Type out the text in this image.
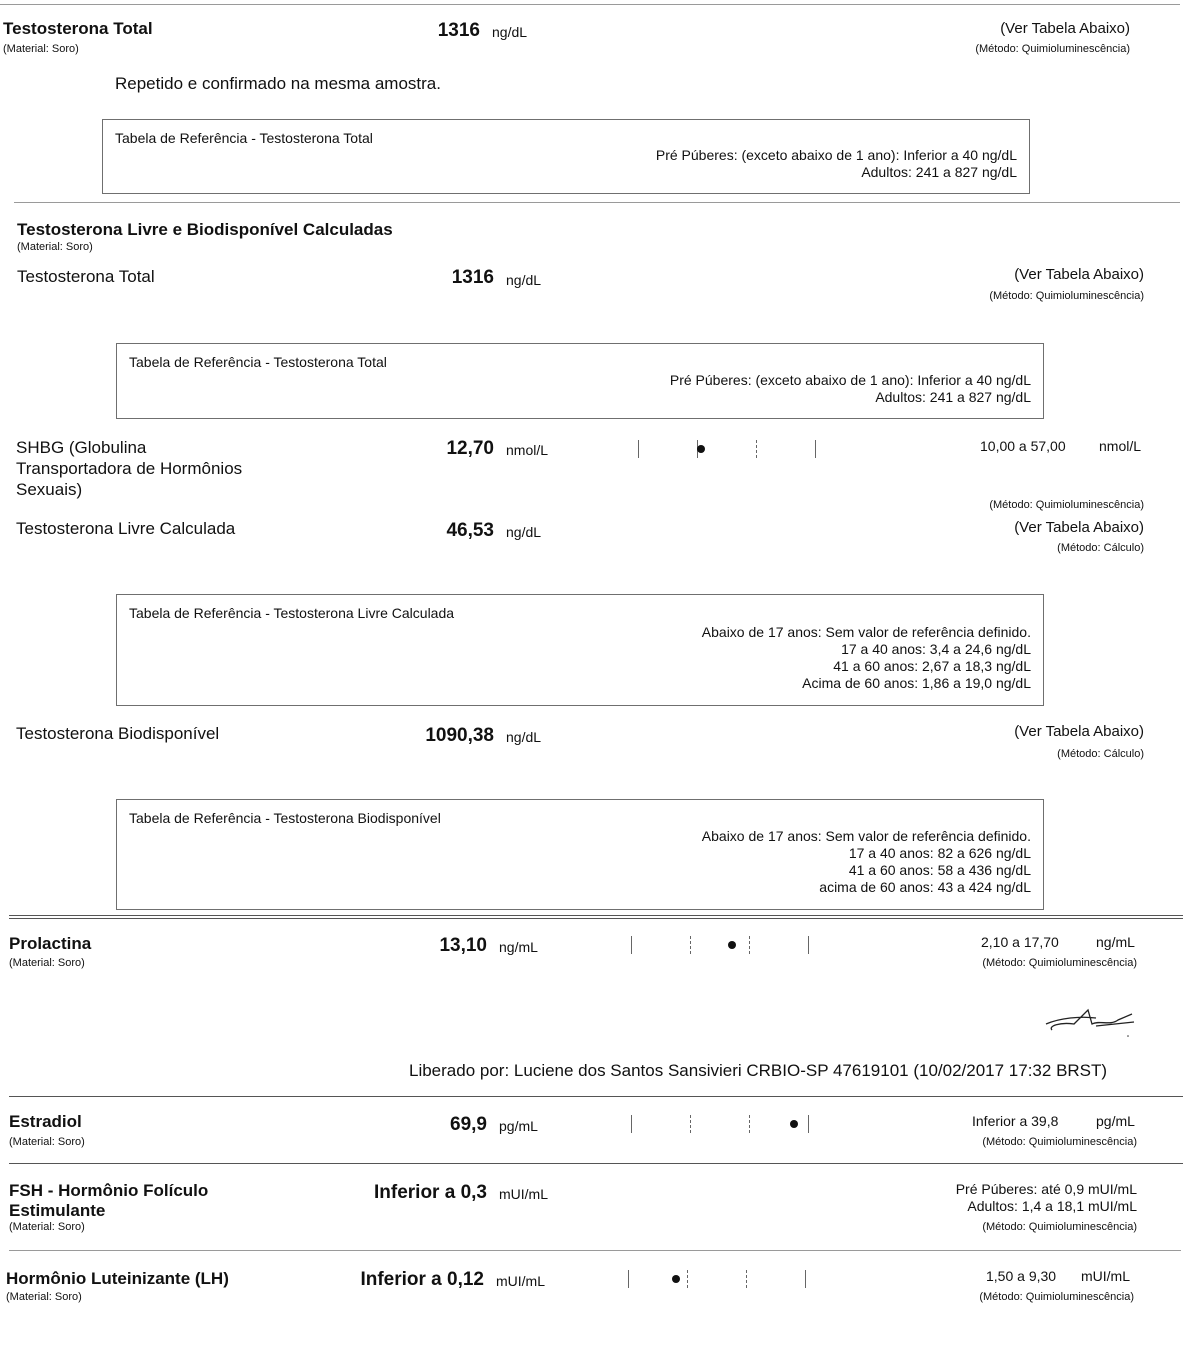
Testosterona Total
(Material: Soro)
1316 ng/dL	(Ver Tabela Abaixo)
(Método: Quimioluminescência)
Repetido e confirmado na mesma amostra.
Tabela de Referência - Testosterona Total
Pré Púberes: (exceto abaixo de 1 ano): Inferior a 40 ng/dL
Adultos: 241 a 827 ng/dL
Testosterona Livre e Biodisponível Calculadas
(Material: Soro)
Testosterona Total	1316 ng/dL	(Ver Tabela Abaixo)
(Método: Quimioluminescência)
Tabela de Referência - Testosterona Total
Pré Púberes: (exceto abaixo de 1 ano): Inferior a 40 ng/dL
Adultos: 241 a 827 ng/dL
SHBG (Globulina Transportadora de Hormônios Sexuais)
12,70 nmol/L	10,00 a 57,00 nmol/L
(Método: Quimioluminescência)
Testosterona Livre Calculada	46,53 ng/dL	(Ver Tabela Abaixo)
(Método: Cálculo)
Tabela de Referência - Testosterona Livre Calculada
Abaixo de 17 anos: Sem valor de referência definido.
17 a 40 anos: 3,4 a 24,6 ng/dL
41 a 60 anos: 2,67 a 18,3 ng/dL
Acima de 60 anos: 1,86 a 19,0 ng/dL
Testosterona Biodisponível	1090,38 ng/dL	(Ver Tabela Abaixo)
(Método: Cálculo)
Tabela de Referência - Testosterona Biodisponível
Abaixo de 17 anos: Sem valor de referência definido.
17 a 40 anos: 82 a 626 ng/dL
41 a 60 anos: 58 a 436 ng/dL
acima de 60 anos: 43 a 424 ng/dL
Prolactina
(Material: Soro)
13,10 ng/mL	2,10 a 17,70	ng/mL
(Método: Quimioluminescência)
Liberado por: Luciene dos Santos Sansivieri CRBIO-SP 47619101 (10/02/2017 17:32 BRST)
Estradiol
(Material: Soro)
69,9 pg/mL	Inferior a 39,8	pg/mL
(Método: Quimioluminescência)
FSH - Hormônio Folículo Estimulante
(Material: Soro)
Inferior a 0,3 mUI/mL	Pré Púberes: até 0,9 mUI/mL
Adultos: 1,4 a 18,1 mUI/mL
(Método: Quimioluminescência)
Hormônio Luteinizante (LH)
(Material: Soro)
Inferior a 0,12 mUI/mL	1,50 a 9,30 mUI/mL
(Método: Quimioluminescência)
